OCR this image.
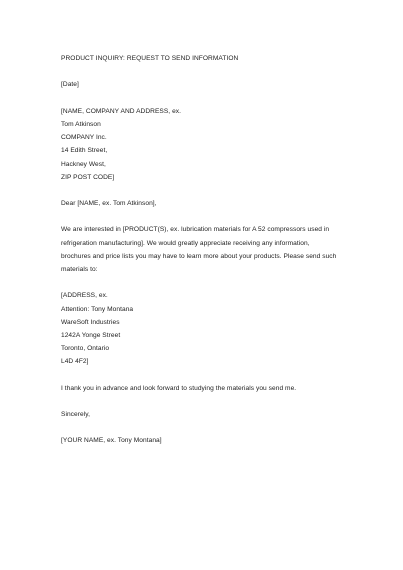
PRODUCT INQUIRY: REQUEST TO SEND INFORMATION
[Date]
[NAME, COMPANY AND ADDRESS, ex.
Tom Atkinson
COMPANY Inc.
14 Edith Street,
Hackney West,
ZIP POST CODE]
Dear [NAME, ex. Tom Atkinson],
We are interested in [PRODUCT(S), ex. lubrication materials for A 52 compressors used in
refrigeration manufacturing]. We would greatly appreciate receiving any information,
brochures and price lists you may have to learn more about your products. Please send such
materials to:
[ADDRESS, ex.
Attention: Tony Montana
WareSoft Industries
1242A Yonge Street
Toronto, Ontario
L4D 4F2]
I thank you in advance and look forward to studying the materials you send me.
Sincerely,
[YOUR NAME, ex. Tony Montana]
